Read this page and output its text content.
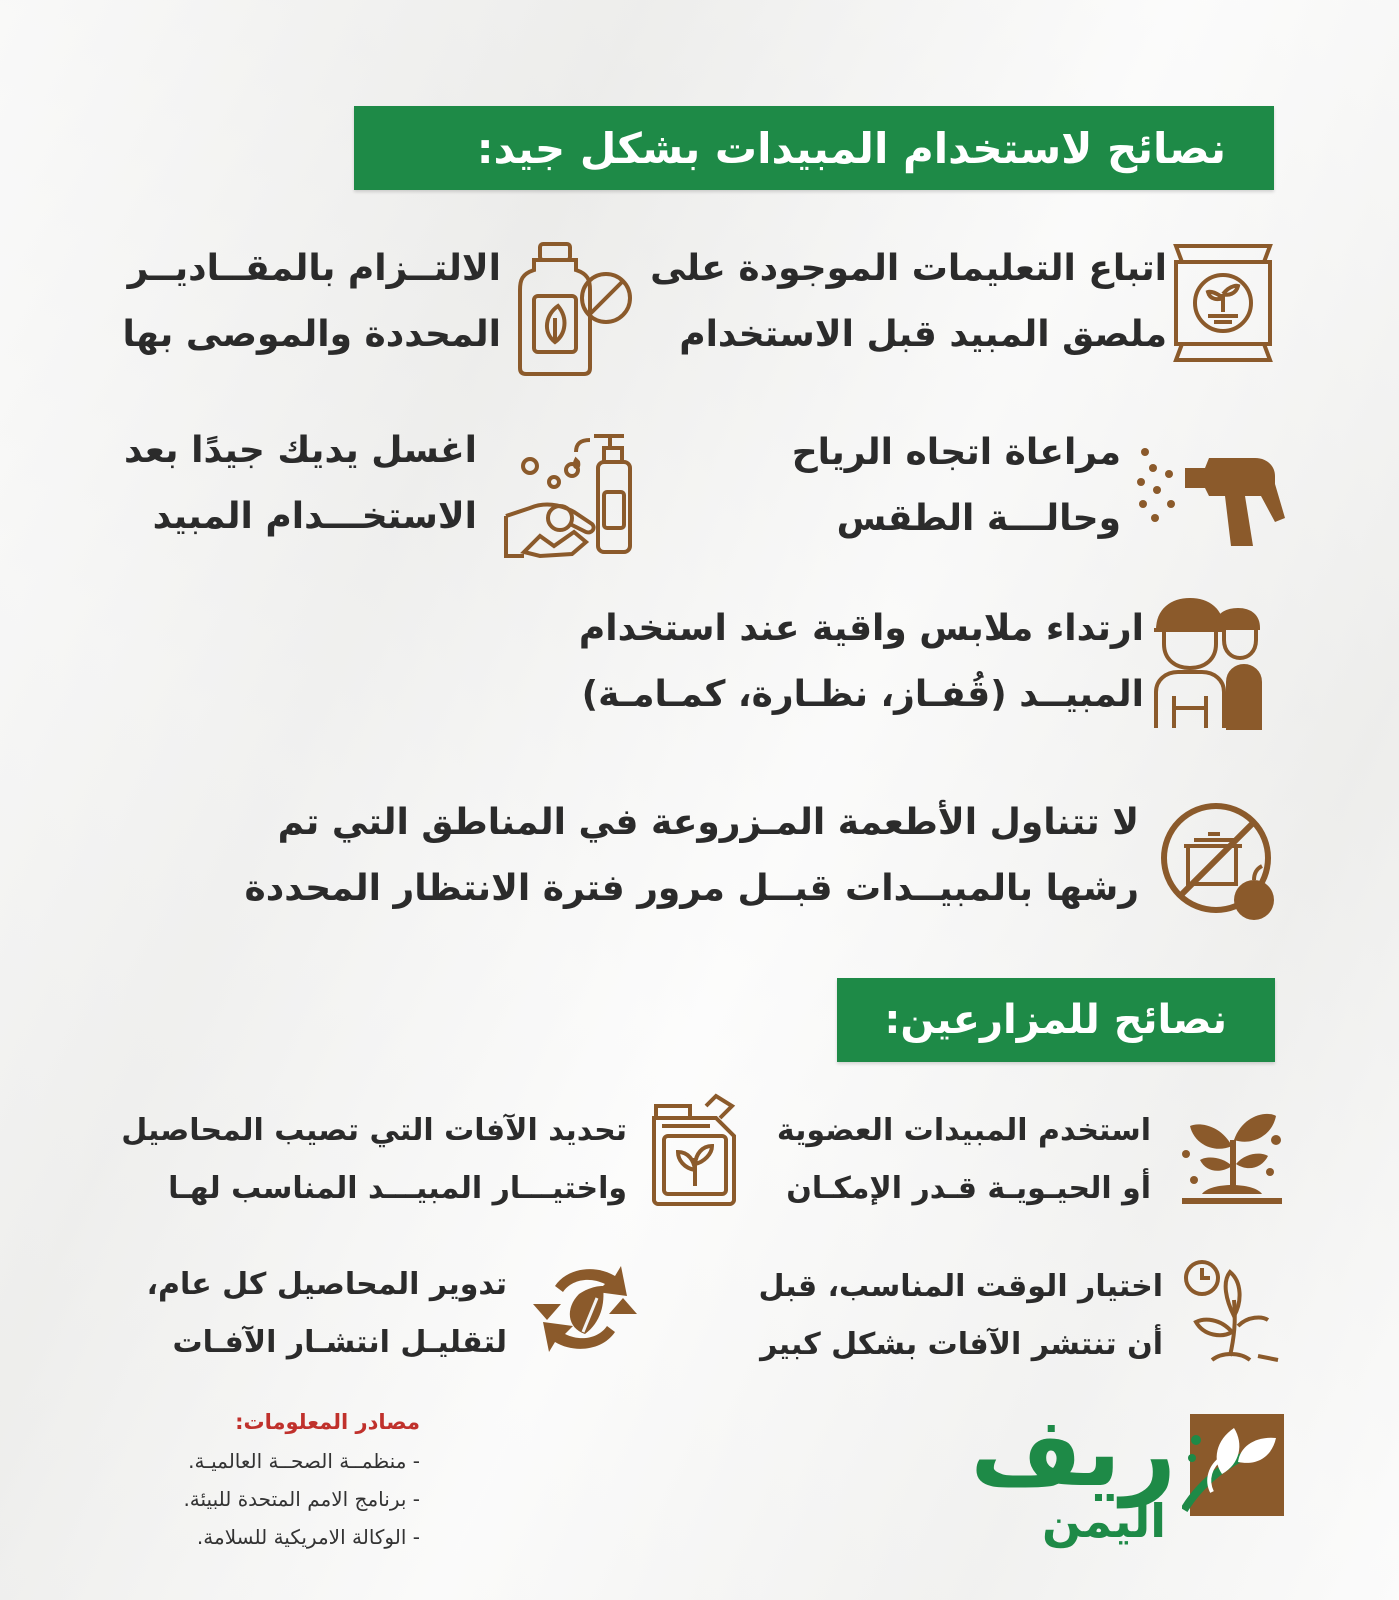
نصائح لاستخدام المبيدات بشكل جيد:
اتباع التعليمات الموجودة على
ملصق المبيد قبل الاستخدام
الالتــزام بالمقــاديــر
المحددة والموصى بها
مراعاة اتجاه الرياح
وحالـــة الطقس
اغسل يديك جيدًا بعد
الاستخـــدام المبيد
ارتداء ملابس واقية عند استخدام
المبيــد (قُفـاز، نظـارة، كمـامـة)
لا تتناول الأطعمة المـزروعة في المناطق التي تم
رشها بالمبيــدات قبــل مرور فترة الانتظار المحددة
نصائح للمزارعين:
استخدم المبيدات العضوية
أو الحيـويـة قـدر الإمكـان
تحديد الآفات التي تصيب المحاصيل
واختيـــار المبيـــد المناسب لهـا
اختيار الوقت المناسب، قبل
أن تنتشر الآفات بشكل كبير
تدوير المحاصيل كل عام،
لتقليـل انتشـار الآفـات
مصادر المعلومات:
- منظمــة الصحــة العالميـة.
- برنامج الامم المتحدة للبيئة.
- الوكالة الامريكية للسلامة.
ريف
اليمن
